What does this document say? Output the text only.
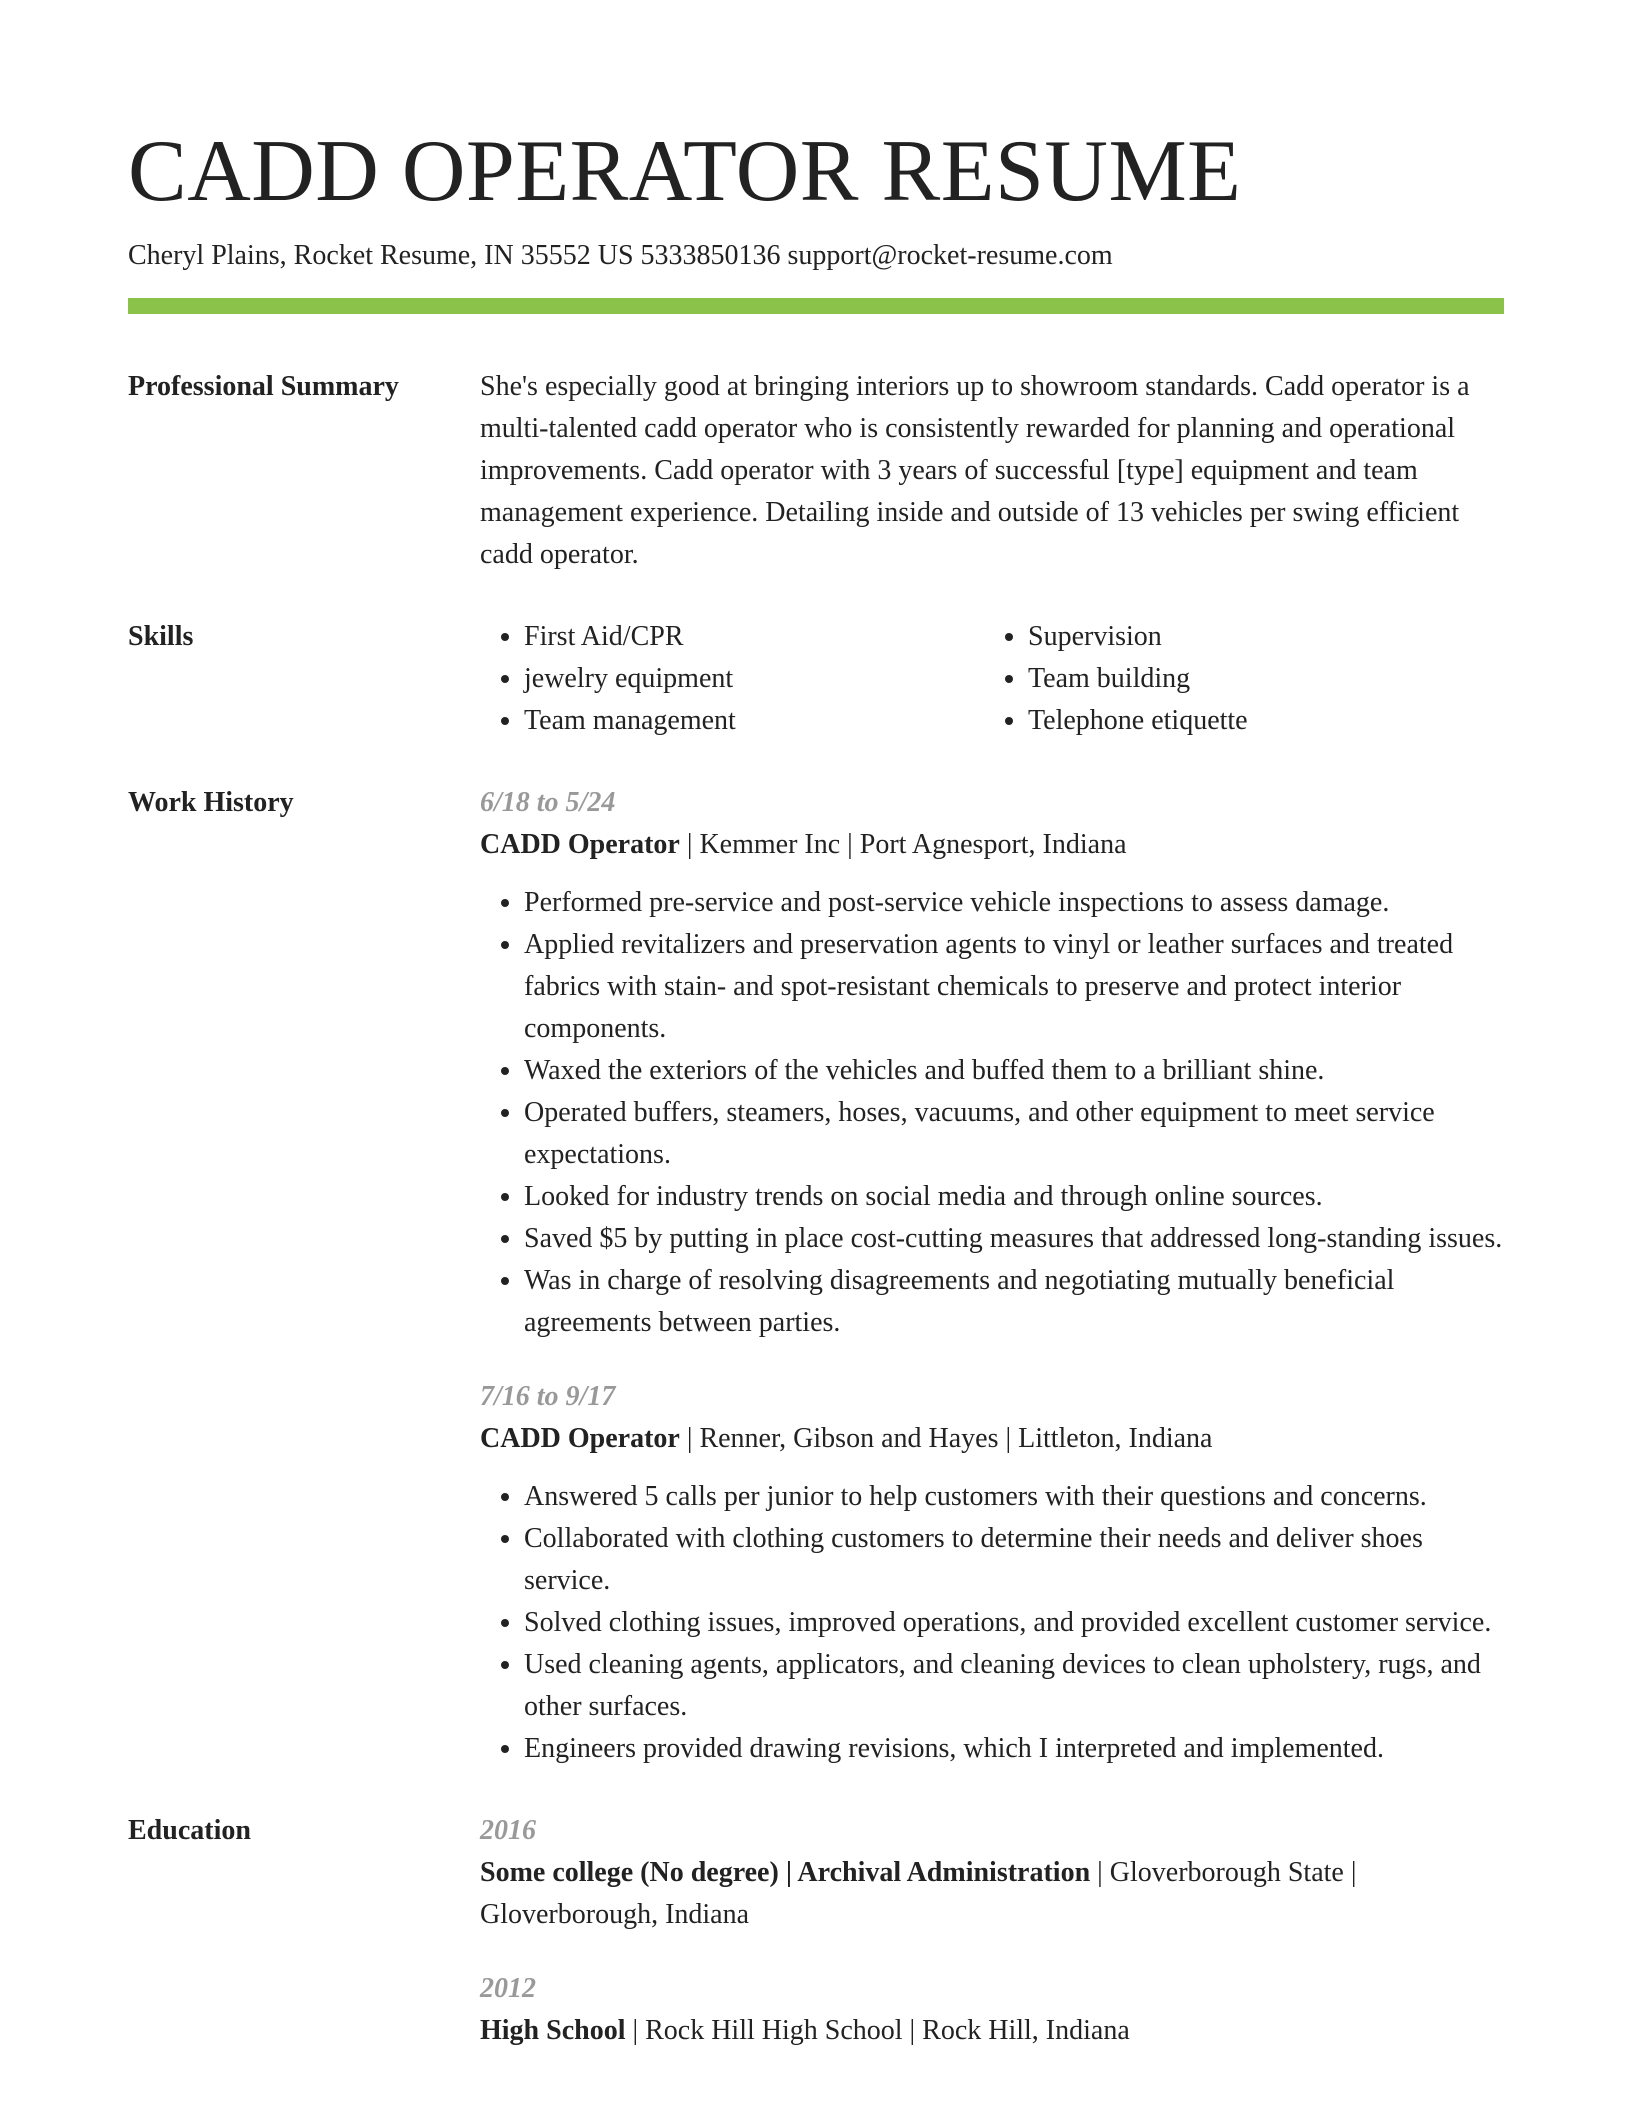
CADD OPERATOR RESUME
Cheryl Plains, Rocket Resume, IN 35552 US 5333850136 support@rocket-resume.com
Professional Summary	She's especially good at bringing interiors up to showroom standards. Cadd operator is a multi-talented cadd operator who is consistently rewarded for planning and operational improvements. Cadd operator with 3 years of successful [type] equipment and team management experience. Detailing inside and outside of 13 vehicles per swing efficient cadd operator.
Skills
•	First Aid/CPR
• jewelry equipment
• Team management
• Supervision
• Team building
• Telephone etiquette
Work History	6/18 to 5/24
CADD Operator | Kemmer Inc | Port Agnesport, Indiana
• Performed pre-service and post-service vehicle inspections to assess damage.
• Applied revitalizers and preservation agents to vinyl or leather surfaces and treated fabrics with stain- and spot-resistant chemicals to preserve and protect interior components.
• Waxed the exteriors of the vehicles and buffed them to a brilliant shine.
• Operated buffers, steamers, hoses, vacuums, and other equipment to meet service expectations.
• Looked for industry trends on social media and through online sources.
• Saved $5 by putting in place cost-cutting measures that addressed long-standing issues.
• Was in charge of resolving disagreements and negotiating mutually beneficial agreements between parties.
7/16 to 9/17
CADD Operator | Renner, Gibson and Hayes | Littleton, Indiana
• Answered 5 calls per junior to help customers with their questions and concerns.
• Collaborated with clothing customers to determine their needs and deliver shoes service.
• Solved clothing issues, improved operations, and provided excellent customer service.
• Used cleaning agents, applicators, and cleaning devices to clean upholstery, rugs, and other surfaces.
• Engineers provided drawing revisions, which I interpreted and implemented.
Education	2016
Some college (No degree) | Archival Administration | Gloverborough State | Gloverborough, Indiana
2012
High School | Rock Hill High School | Rock Hill, Indiana
